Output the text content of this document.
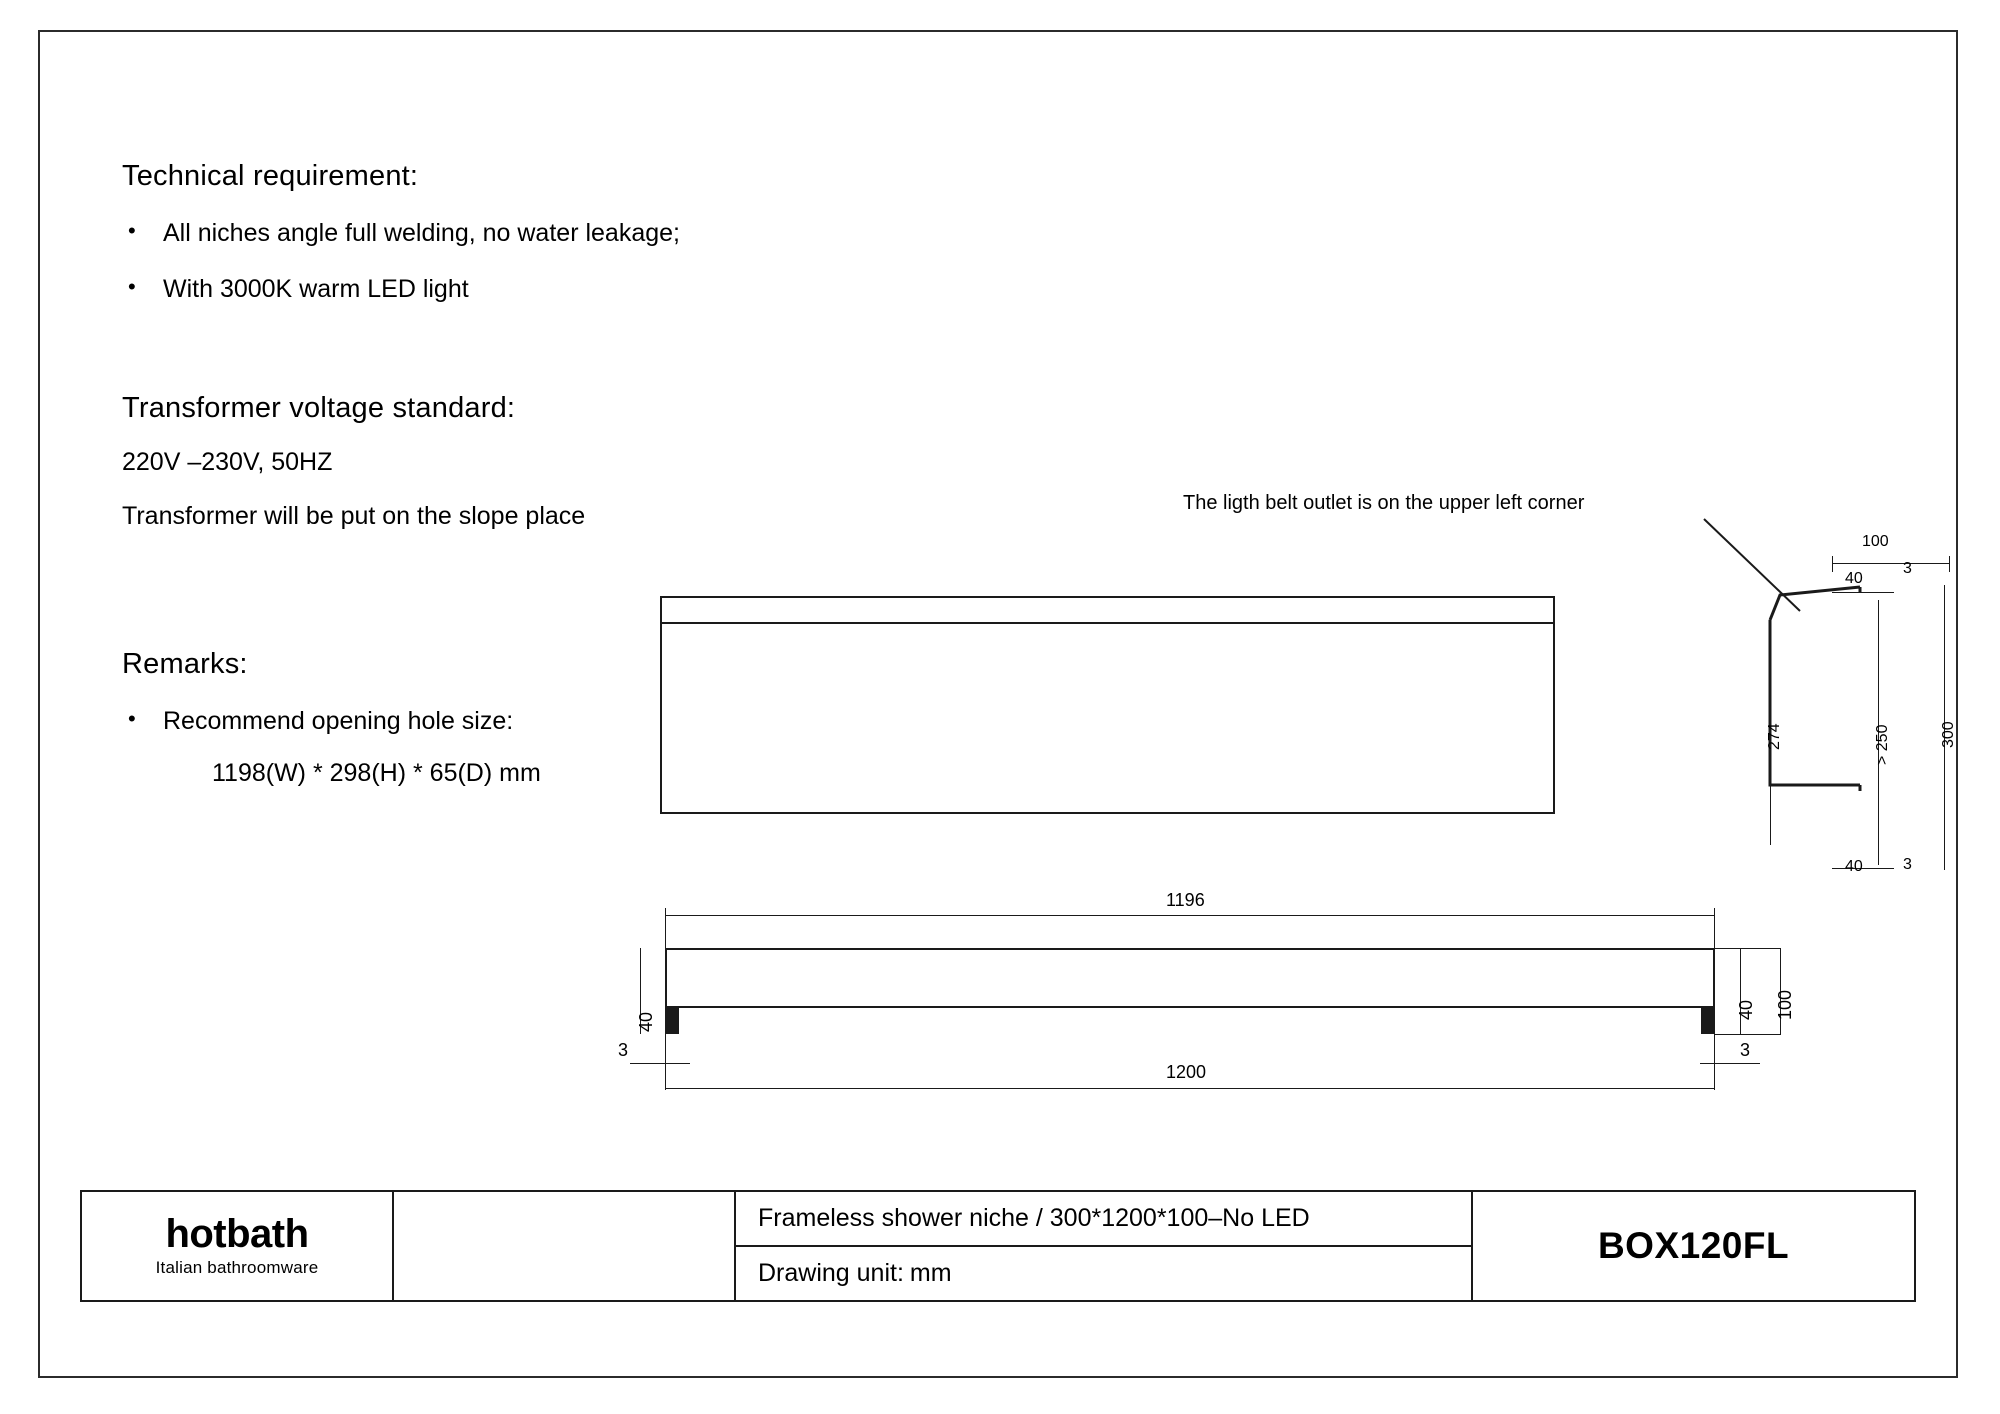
Technical requirement:
• All niches angle full welding, no water leakage;
• With 3000K warm LED light
Transformer voltage standard:
220V –230V, 50HZ
Transformer will be put on the slope place
Remarks:
• Recommend opening hole size:
1198(W) * 298(H) * 65(D) mm
The ligth belt outlet is on the upper left corner
1196
1200
100
40
40
3	3
100
40
3
40	3
274	> 250	300
hotbath
Italian bathroomware
Frameless shower niche / 300*1200*100–No LED
Drawing unit: mm
BOX120FL
